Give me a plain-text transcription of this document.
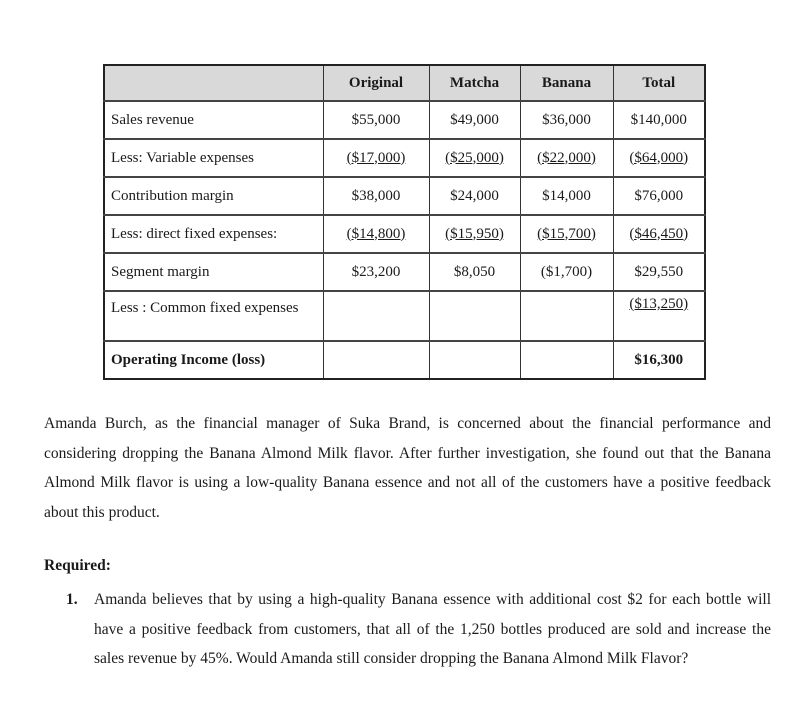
	Original	Matcha	Banana	Total
Sales revenue	$55,000	$49,000	$36,000	$140,000
Less: Variable expenses	($17,000)	($25,000)	($22,000)	($64,000)
Contribution margin	$38,000	$24,000	$14,000	$76,000
Less: direct fixed expenses:	($14,800)	($15,950)	($15,700)	($46,450)
Segment margin	$23,200	$8,050	($1,700)	$29,550
Less : Common fixed expenses				($13,250)
Operating Income (loss)				$16,300

Amanda Burch, as the financial manager of Suka Brand, is concerned about the financial performance and considering dropping the Banana Almond Milk flavor. After further investigation, she found out that the Banana Almond Milk flavor is using a low-quality Banana essence and not all of the customers have a positive feedback about this product.

Required:

1.	Amanda believes that by using a high-quality Banana essence with additional cost $2 for each bottle will have a positive feedback from customers, that all of the 1,250 bottles produced are sold and increase the sales revenue by 45%. Would Amanda still consider dropping the Banana Almond Milk Flavor?
